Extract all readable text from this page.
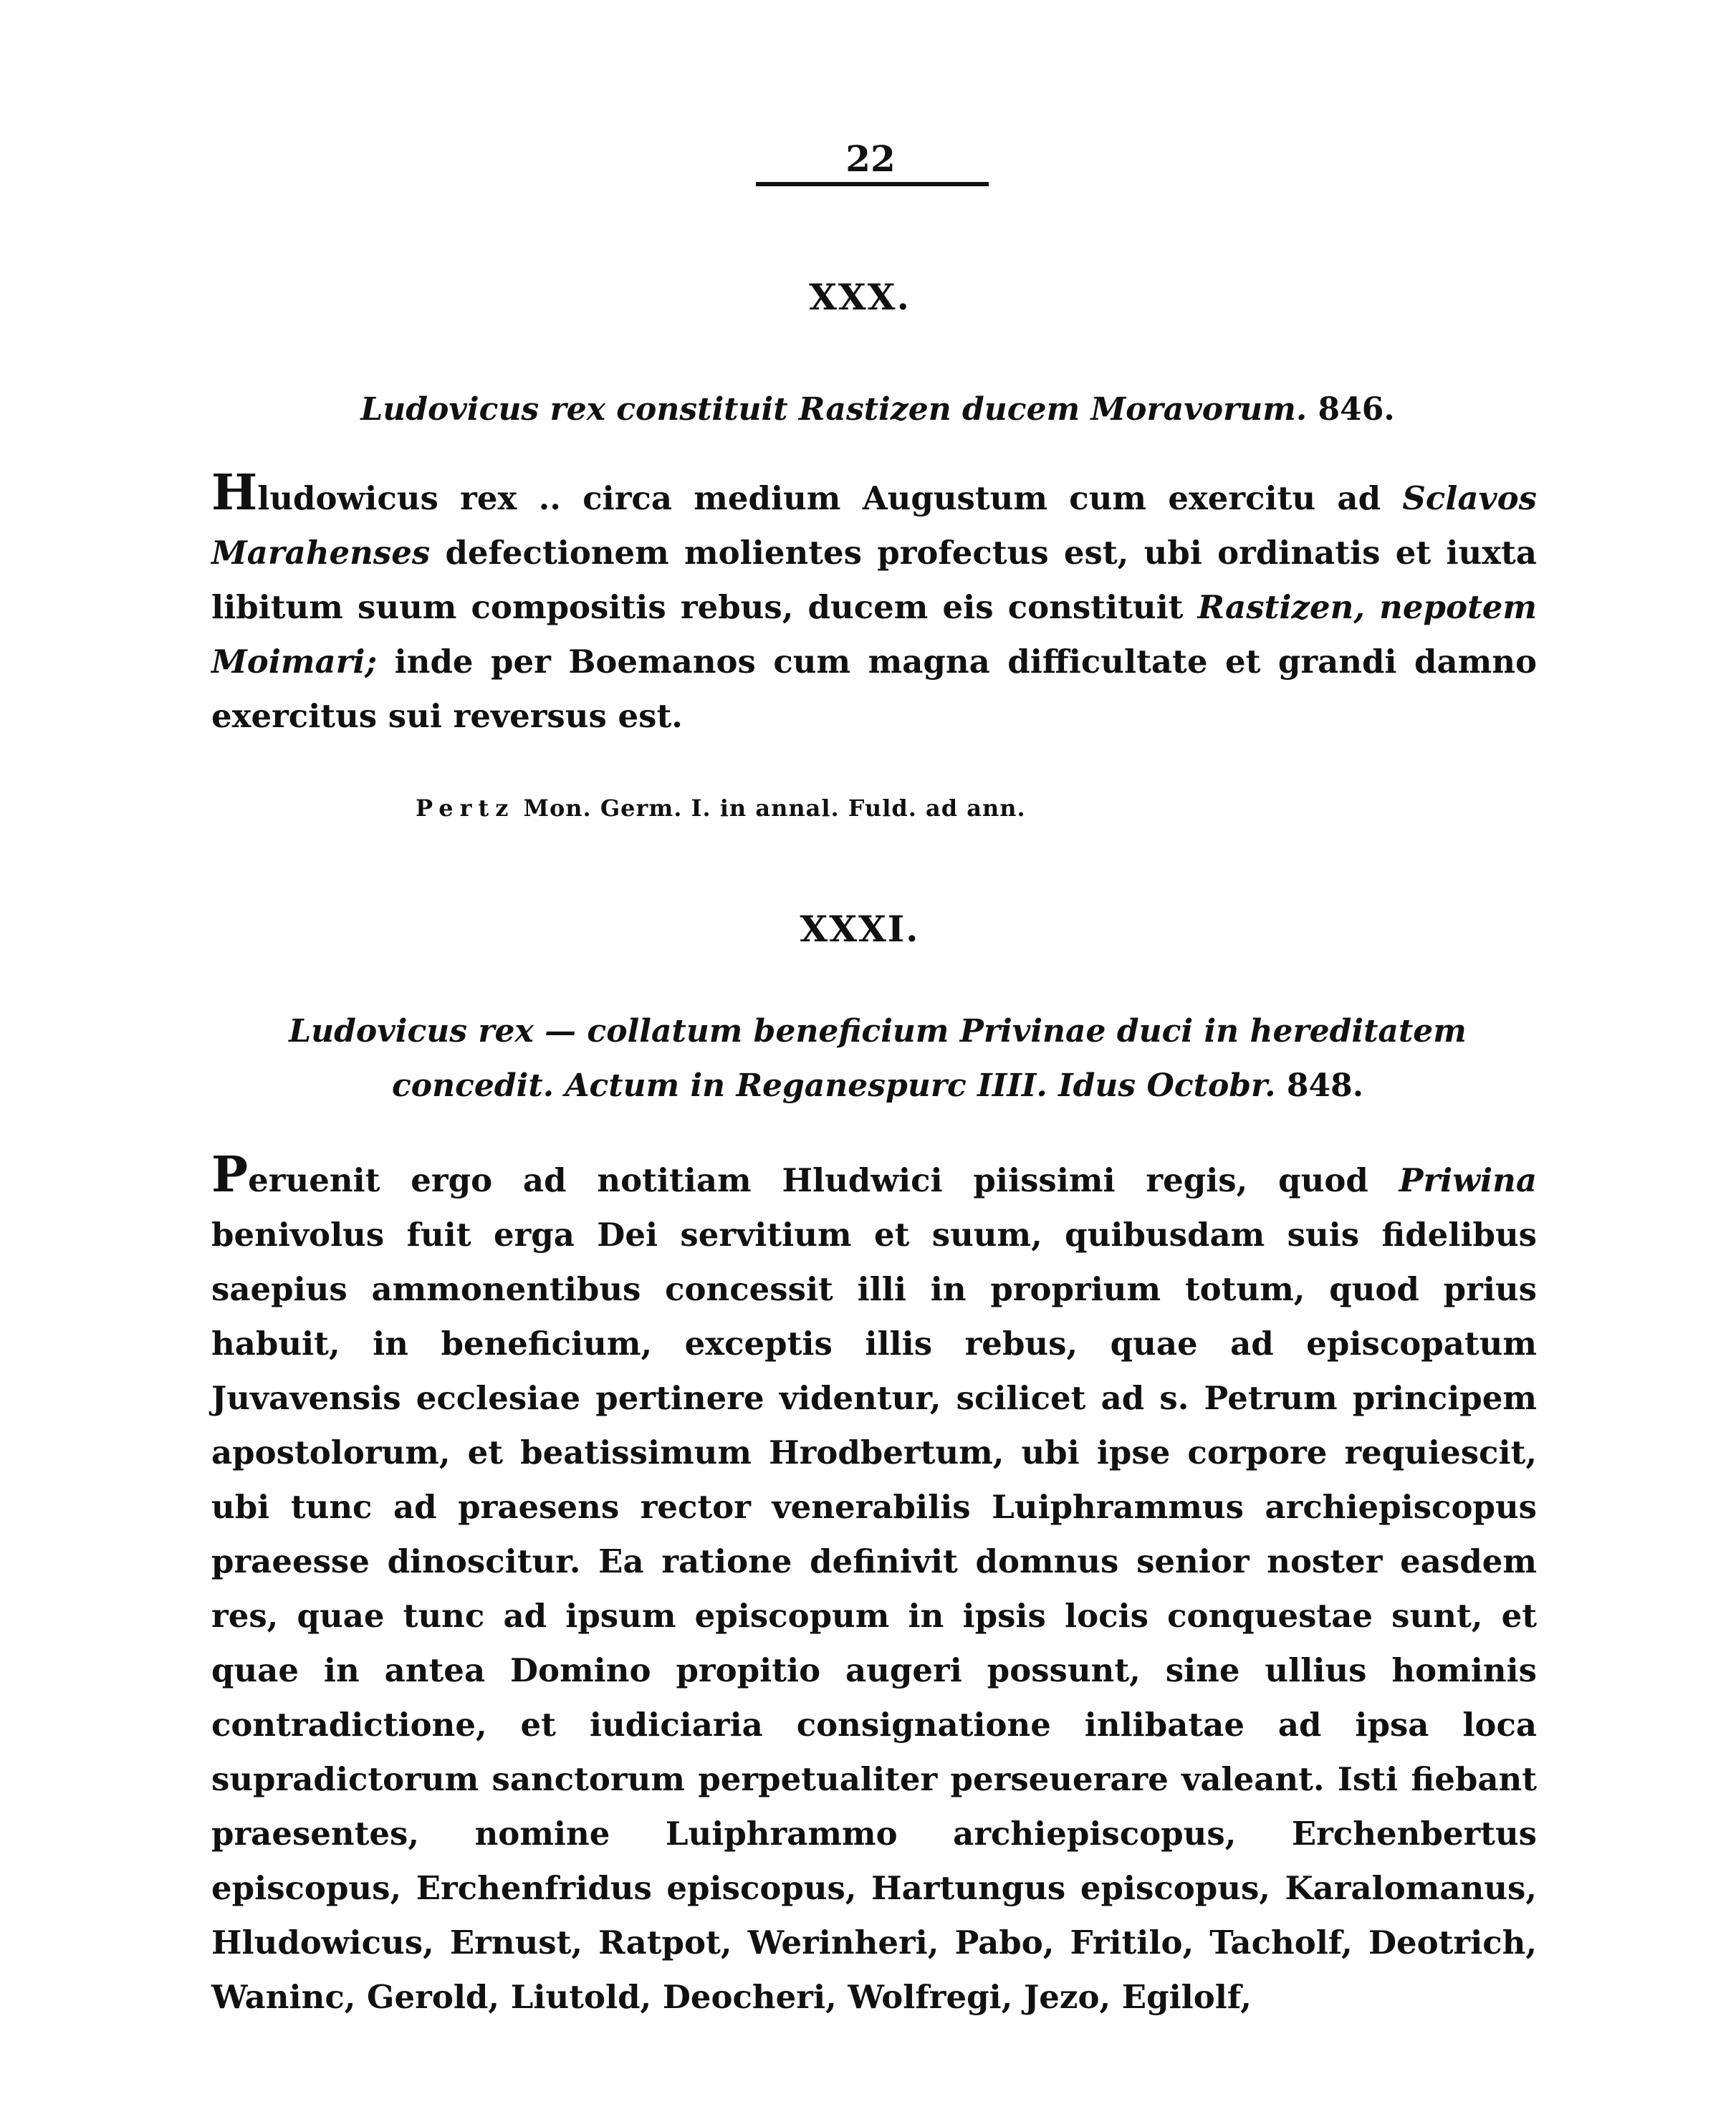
22
XXX.

Ludovicus rex constituit Rastizen ducem Moravorum. 846.

Hludowicus rex .. circa medium Augustum cum exercitu ad Sclavos Marahenses defectionem molientes profectus est, ubi ordinatis et iuxta libitum suum compositis rebus, ducem eis constituit Rastizen, nepotem Moimari; inde per Boemanos cum magna difficultate et grandi damno exercitus sui reversus est.

Pertz Mon. Germ. I. in annal. Fuld. ad ann.
XXXI.

Ludovicus rex — collatum beneficium Privinae duci in hereditatem concedit. Actum in Reganespurc IIII. Idus Octobr. 848.

Peruenit ergo ad notitiam Hludwici piissimi regis, quod Priwina benivolus fuit erga Dei servitium et suum, quibusdam suis fidelibus saepius ammonentibus concessit illi in proprium totum, quod prius habuit, in beneficium, exceptis illis rebus, quae ad episcopatum Juvavensis ecclesiae pertinere videntur, scilicet ad s. Petrum principem apostolorum, et beatissimum Hrodbertum, ubi ipse corpore requiescit, ubi tunc ad praesens rector venerabilis Luiphrammus archiepiscopus praeesse dinoscitur. Ea ratione definivit domnus senior noster easdem res, quae tunc ad ipsum episcopum in ipsis locis conquestae sunt, et quae in antea Domino propitio augeri possunt, sine ullius hominis contradictione, et iudiciaria consignatione inlibatae ad ipsa loca supradictorum sanctorum perpetualiter perseuerare valeant. Isti fiebant praesentes, nomine Luiphrammo archiepiscopus, Erchenbertus episcopus, Erchenfridus episcopus, Hartungus episcopus, Karalomanus, Hludowicus, Ernust, Ratpot, Werinheri, Pabo, Fritilo, Tacholf, Deotrich, Waninc, Gerold, Liutold, Deocheri, Wolfregi, Jezo, Egilolf,
